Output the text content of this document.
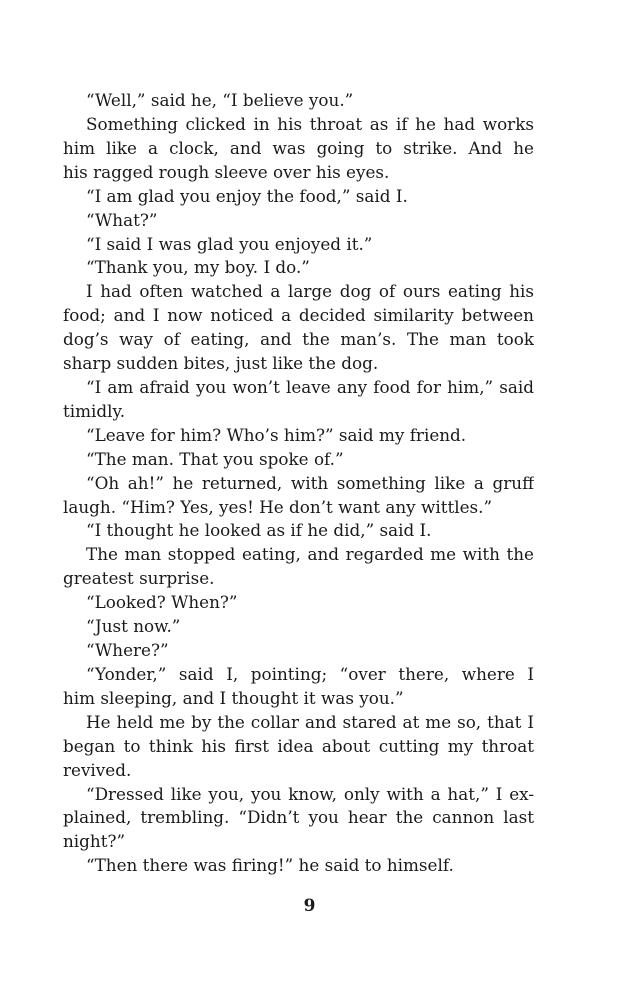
“Well,” said he, “I believe you.”
Something clicked in his throat as if he had works
him like a clock, and was going to strike. And he
his ragged rough sleeve over his eyes.
“I am glad you enjoy the food,” said I.
“What?”
“I said I was glad you enjoyed it.”
“Thank you, my boy. I do.”
I had often watched a large dog of ours eating his
food; and I now noticed a decided similarity between
dog’s way of eating, and the man’s. The man took
sharp sudden bites, just like the dog.
“I am afraid you won’t leave any food for him,” said
timidly.
“Leave for him? Who’s him?” said my friend.
“The man. That you spoke of.”
“Oh ah!” he returned, with something like a gruff
laugh. “Him? Yes, yes! He don’t want any wittles.”
“I thought he looked as if he did,” said I.
The man stopped eating, and regarded me with the
greatest surprise.
“Looked? When?”
“Just now.”
“Where?”
“Yonder,” said I, pointing; “over there, where I
him sleeping, and I thought it was you.”
He held me by the collar and stared at me so, that I
began to think his first idea about cutting my throat
revived.
“Dressed like you, you know, only with a hat,” I ex-
plained, trembling. “Didn’t you hear the cannon last
night?”
“Then there was firing!” he said to himself.
9
